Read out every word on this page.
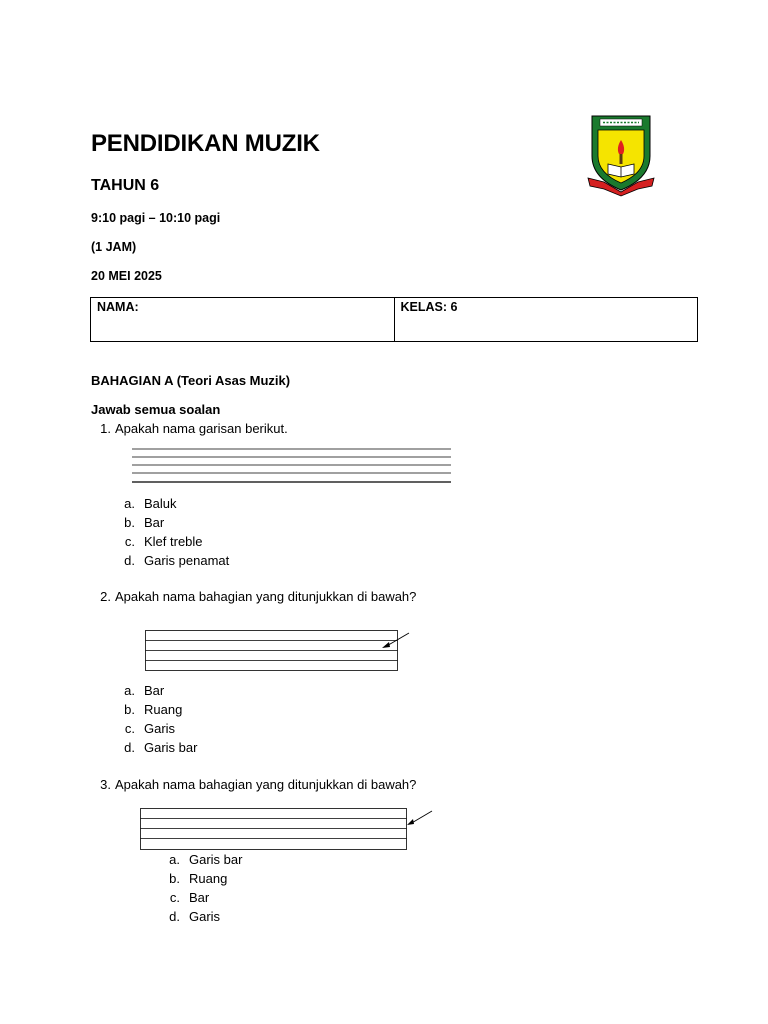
PENDIDIKAN MUZIK
TAHUN 6
9:10 pagi – 10:10 pagi
(1 JAM)
20 MEI 2025
NAMA:	KELAS: 6
BAHAGIAN A (Teori Asas Muzik)
Jawab semua soalan
1. Apakah nama garisan berikut.
a. Baluk
b. Bar
c. Klef treble
d. Garis penamat
2. Apakah nama bahagian yang ditunjukkan di bawah?
a. Bar
b. Ruang
c. Garis
d. Garis bar
3. Apakah nama bahagian yang ditunjukkan di bawah?
a. Garis bar
b. Ruang
c. Bar
d. Garis
